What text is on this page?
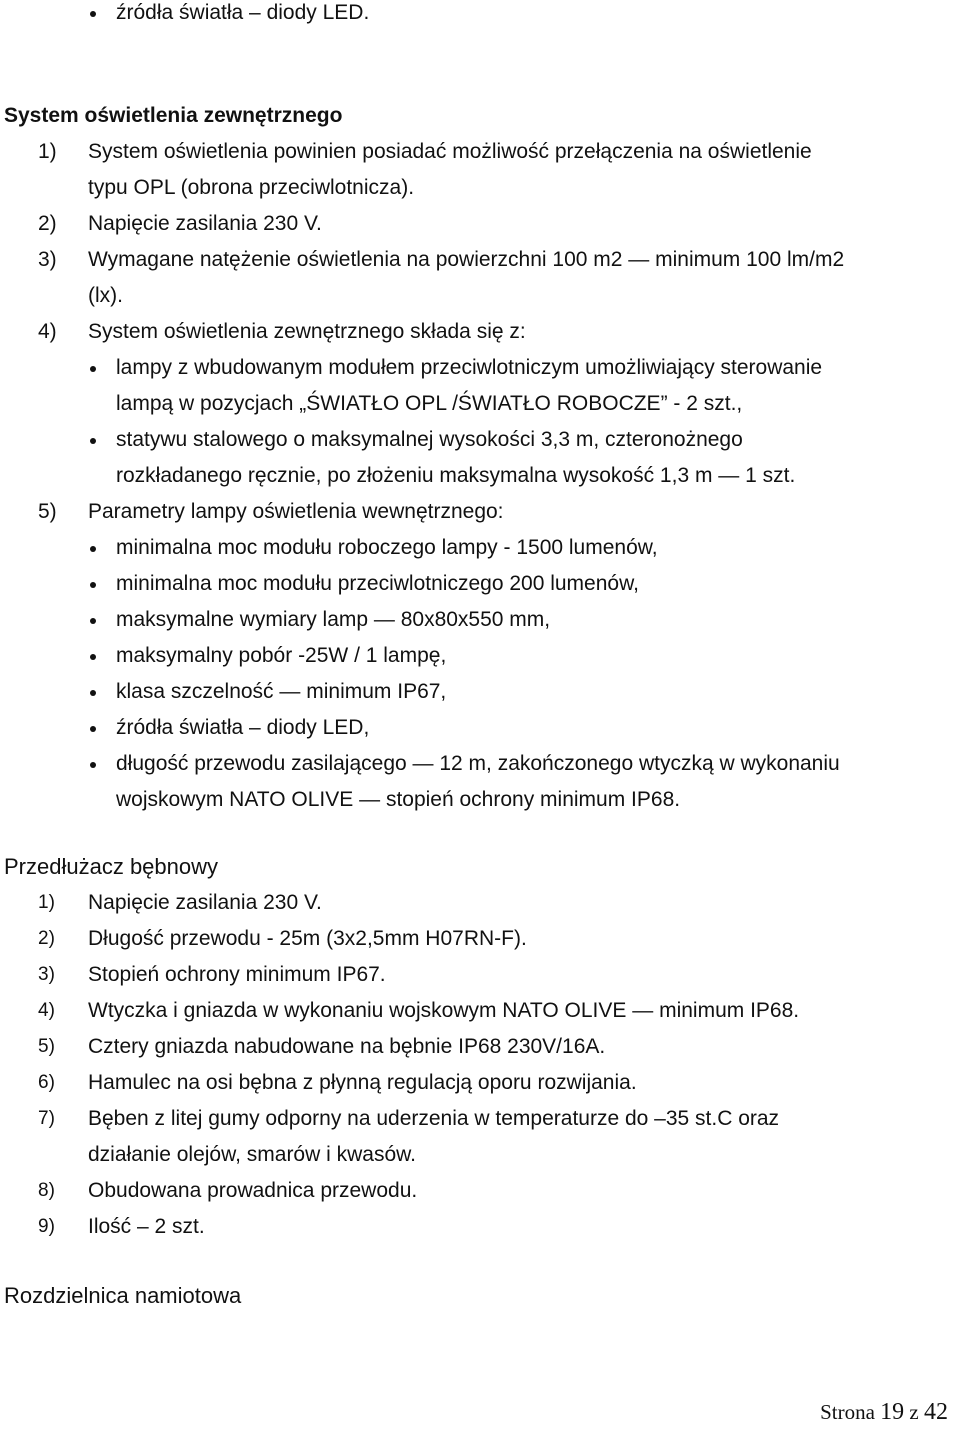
źródła światła – diody LED.
System oświetlenia zewnętrznego
1) System oświetlenia powinien posiadać możliwość przełączenia na oświetlenie
typu OPL (obrona przeciwlotnicza).
2) Napięcie zasilania 230 V.
3) Wymagane natężenie oświetlenia na powierzchni 100 m2 — minimum 100 lm/m2
(lx).
4) System oświetlenia zewnętrznego składa się z:
lampy z wbudowanym modułem przeciwlotniczym umożliwiający sterowanie
lampą w pozycjach „ŚWIATŁO OPL /ŚWIATŁO ROBOCZE” - 2 szt.,
statywu stalowego o maksymalnej wysokości 3,3 m, czteronożnego
rozkładanego ręcznie, po złożeniu maksymalna wysokość 1,3 m — 1 szt.
5) Parametry lampy oświetlenia wewnętrznego:
minimalna moc modułu roboczego lampy - 1500 lumenów,
minimalna moc modułu przeciwlotniczego 200 lumenów,
maksymalne wymiary lamp — 80x80x550 mm,
maksymalny pobór -25W / 1 lampę,
klasa szczelność — minimum IP67,
źródła światła – diody LED,
długość przewodu zasilającego — 12 m, zakończonego wtyczką w wykonaniu
wojskowym NATO OLIVE — stopień ochrony minimum IP68.
Przedłużacz bębnowy
1) Napięcie zasilania 230 V.
2) Długość przewodu - 25m (3x2,5mm H07RN-F).
3) Stopień ochrony minimum IP67.
4) Wtyczka i gniazda w wykonaniu wojskowym NATO OLIVE — minimum IP68.
5) Cztery gniazda nabudowane na bębnie IP68 230V/16A.
6) Hamulec na osi bębna z płynną regulacją oporu rozwijania.
7) Bęben z litej gumy odporny na uderzenia w temperaturze do –35 st.C oraz
działanie olejów, smarów i kwasów.
8) Obudowana prowadnica przewodu.
9) Ilość – 2 szt.
Rozdzielnica namiotowa
Strona 19 z 42
